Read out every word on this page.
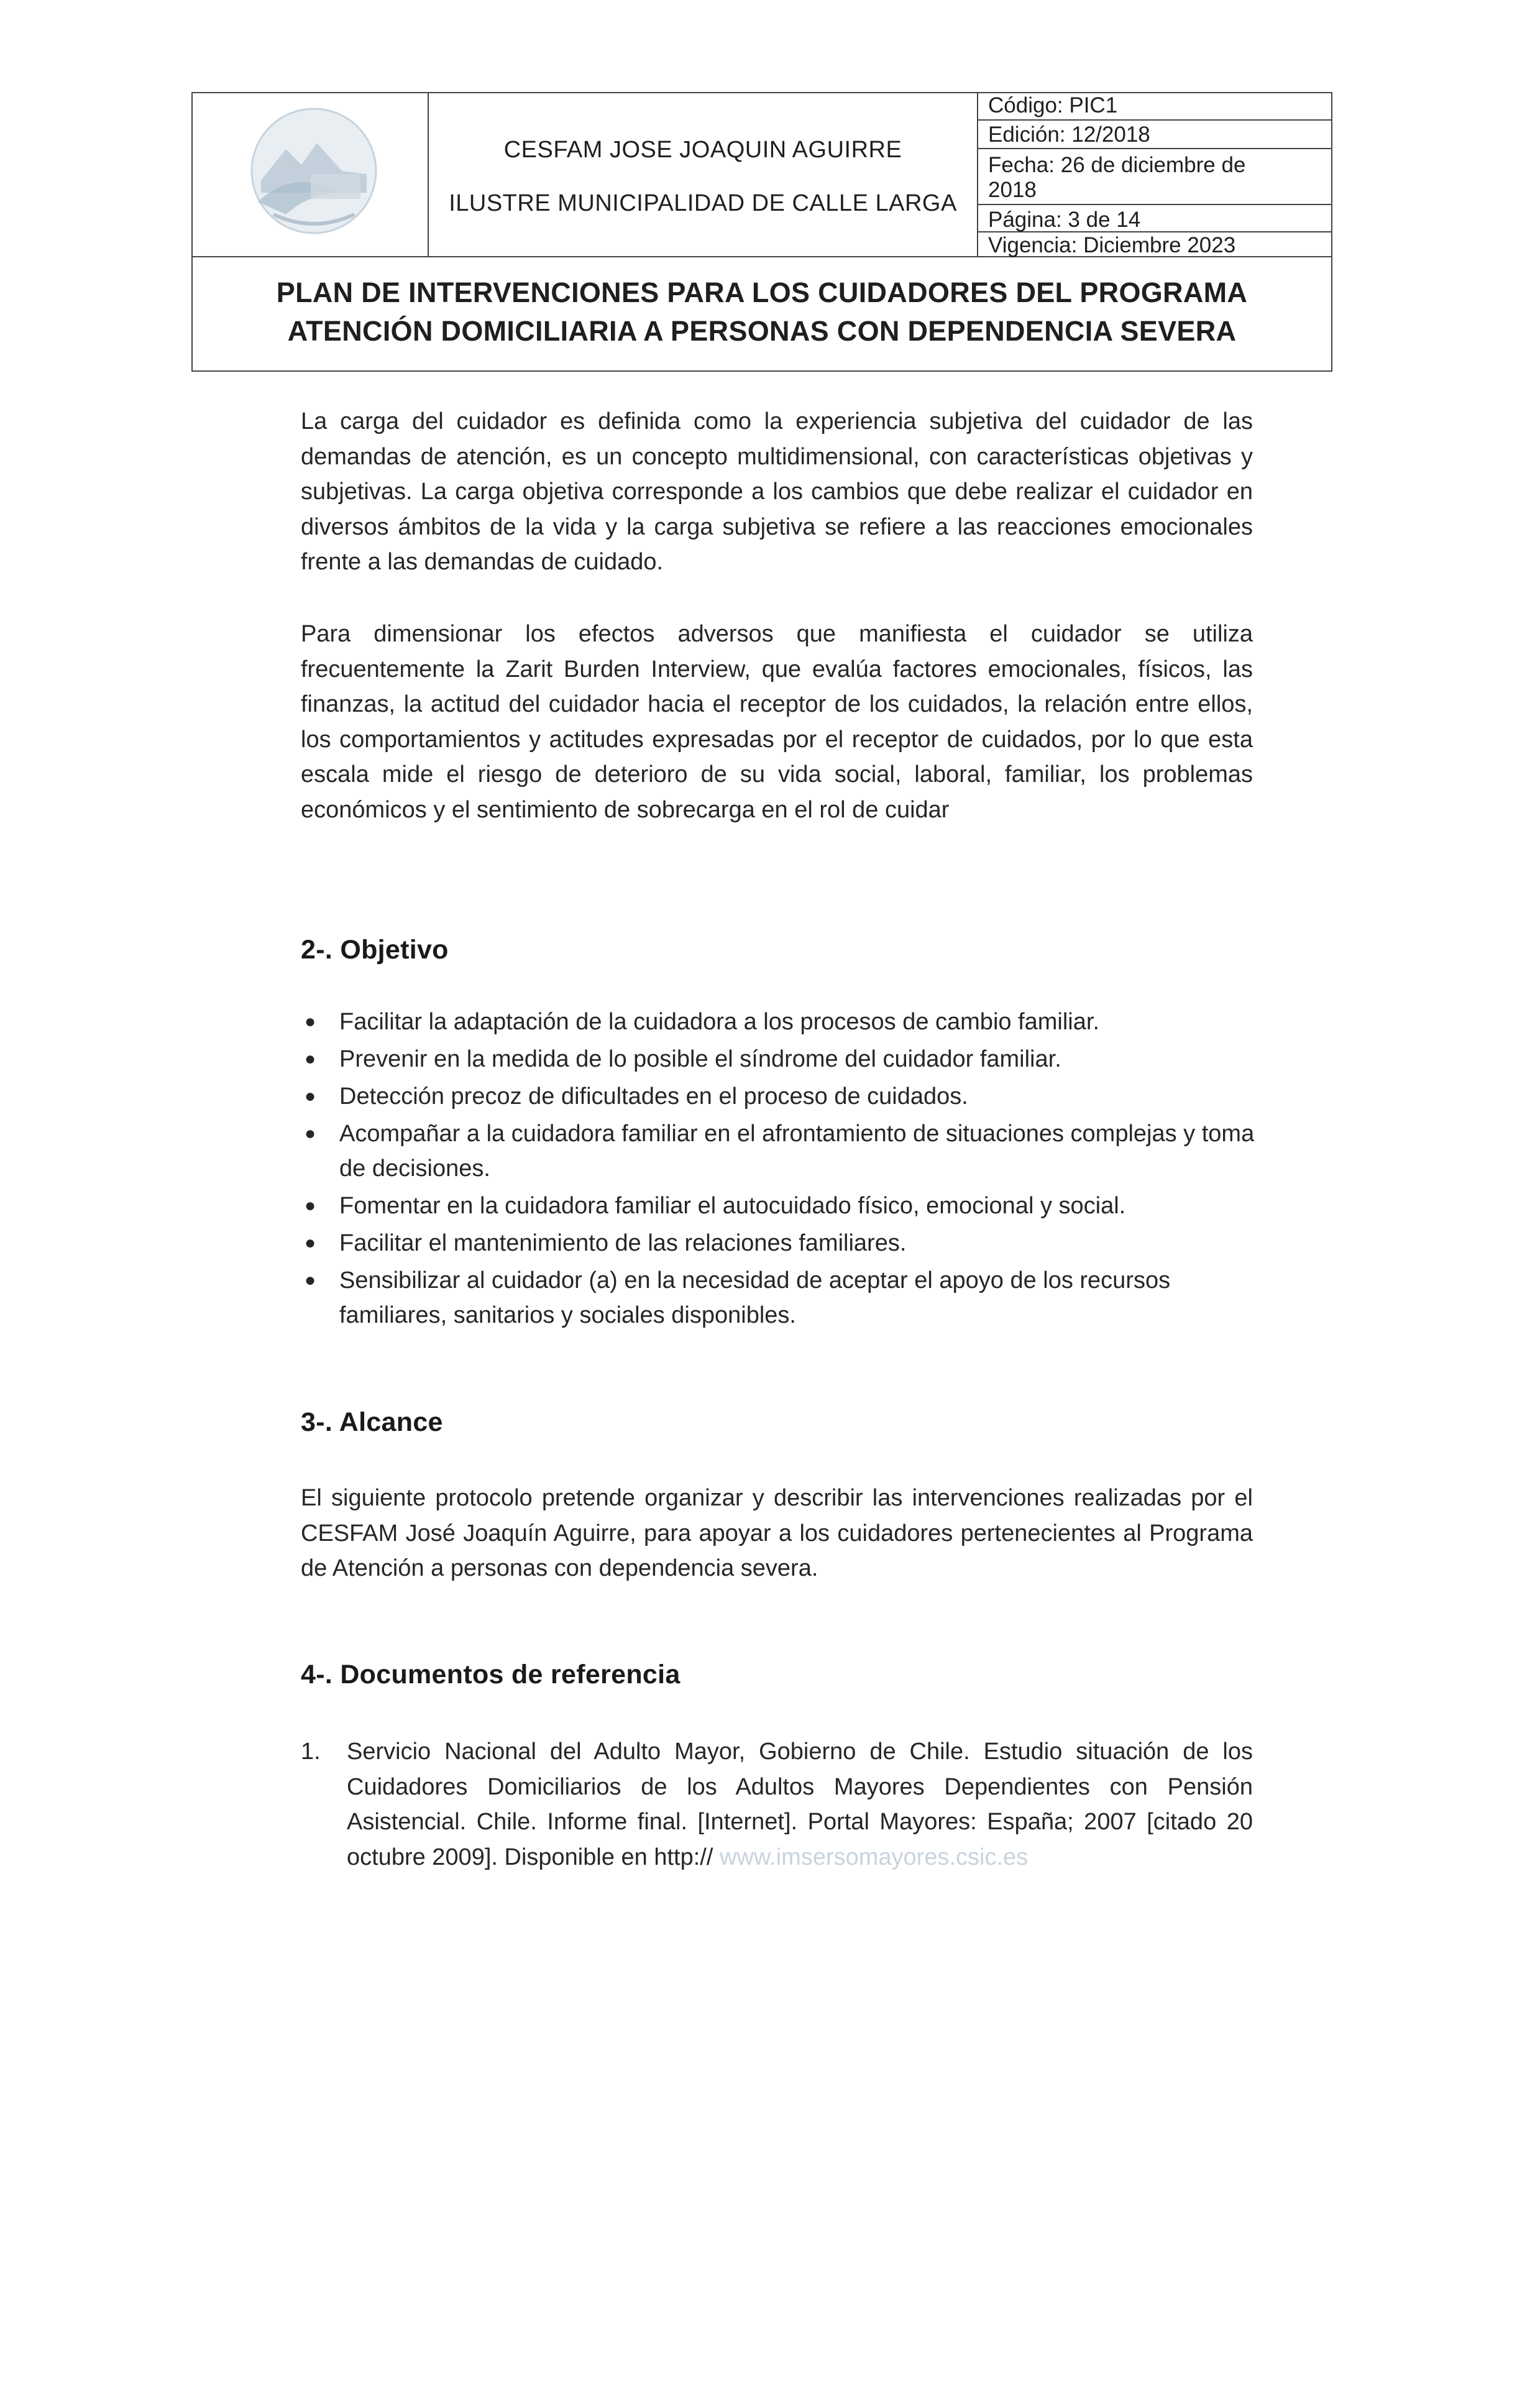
CESFAM JOSE JOAQUIN AGUIRRE
ILUSTRE MUNICIPALIDAD DE CALLE LARGA
Código: PIC1
Edición: 12/2018
Fecha: 26 de diciembre de
2018
Página: 3 de 14
Vigencia: Diciembre 2023
PLAN DE INTERVENCIONES PARA LOS CUIDADORES DEL PROGRAMA
ATENCIÓN DOMICILIARIA A PERSONAS CON DEPENDENCIA SEVERA
La carga del cuidador es definida como la experiencia subjetiva del cuidador de las demandas de atención, es un concepto multidimensional, con características objetivas y subjetivas. La carga objetiva corresponde a los cambios que debe realizar el cuidador en diversos ámbitos de la vida y la carga subjetiva se refiere a las reacciones emocionales frente a las demandas de cuidado.
Para dimensionar los efectos adversos que manifiesta el cuidador se utiliza frecuentemente la Zarit Burden Interview, que evalúa factores emocionales, físicos, las finanzas, la actitud del cuidador hacia el receptor de los cuidados, la relación entre ellos, los comportamientos y actitudes expresadas por el receptor de cuidados, por lo que esta escala mide el riesgo de deterioro de su vida social, laboral, familiar, los problemas económicos y el sentimiento de sobrecarga en el rol de cuidar
2-. Objetivo
● Facilitar la adaptación de la cuidadora a los procesos de cambio familiar.
● Prevenir en la medida de lo posible el síndrome del cuidador familiar.
● Detección precoz de dificultades en el proceso de cuidados.
● Acompañar a la cuidadora familiar en el afrontamiento de situaciones complejas y toma de decisiones.
● Fomentar en la cuidadora familiar el autocuidado físico, emocional y social.
● Facilitar el mantenimiento de las relaciones familiares.
● Sensibilizar al cuidador (a) en la necesidad de aceptar el apoyo de los recursos familiares, sanitarios y sociales disponibles.
3-. Alcance
El siguiente protocolo pretende organizar y describir las intervenciones realizadas por el CESFAM José Joaquín Aguirre, para apoyar a los cuidadores pertenecientes al Programa de Atención a personas con dependencia severa.
4-. Documentos de referencia
1. Servicio Nacional del Adulto Mayor, Gobierno de Chile. Estudio situación de los Cuidadores Domiciliarios de los Adultos Mayores Dependientes con Pensión Asistencial. Chile. Informe final. [Internet]. Portal Mayores: España; 2007 [citado 20 octubre 2009]. Disponible en http:// www.imsersomayores.csic.es
